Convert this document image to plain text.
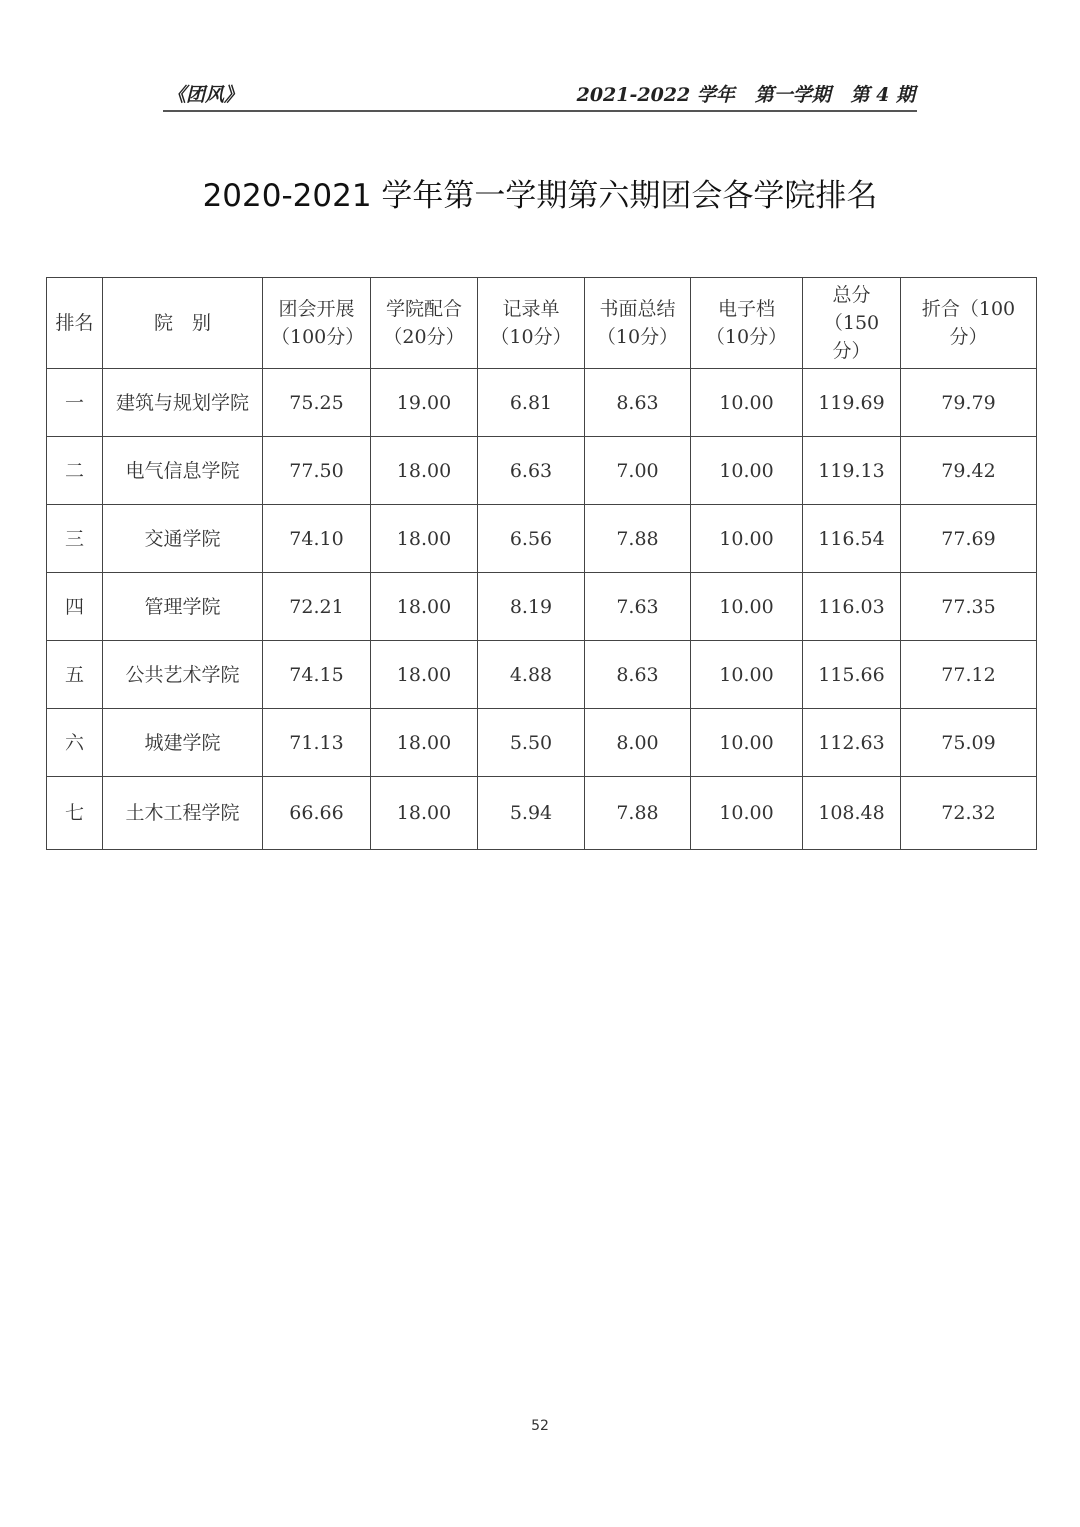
《团风》	2021-2022 学年   第一学期   第 4 期
2020-2021 学年第一学期第六期团会各学院排名
排名	院　别	团会开展（100分）	学院配合（20分）	记录单（10分）	书面总结（10分）	电子档（10分）	总分（150分）	折合（100分）
一	建筑与规划学院	75.25	19.00	6.81	8.63	10.00	119.69	79.79
二	电气信息学院	77.50	18.00	6.63	7.00	10.00	119.13	79.42
三	交通学院	74.10	18.00	6.56	7.88	10.00	116.54	77.69
四	管理学院	72.21	18.00	8.19	7.63	10.00	116.03	77.35
五	公共艺术学院	74.15	18.00	4.88	8.63	10.00	115.66	77.12
六	城建学院	71.13	18.00	5.50	8.00	10.00	112.63	75.09
七	土木工程学院	66.66	18.00	5.94	7.88	10.00	108.48	72.32
52
